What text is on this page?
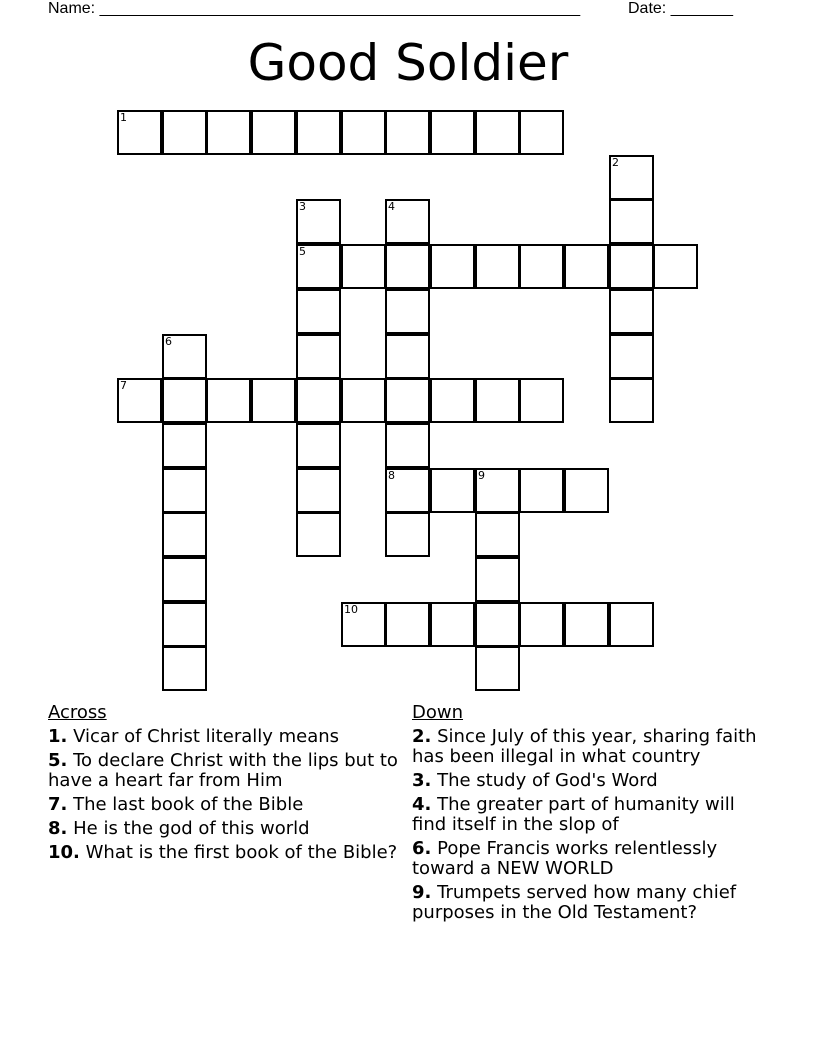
Name: ______________________________________________________	Date: _______
Good Soldier
1
2
3	4
5
6
7
8	9
10
Across
1. Vicar of Christ literally means
5. To declare Christ with the lips but to have a heart far from Him
7. The last book of the Bible
8. He is the god of this world
10. What is the first book of the Bible?
Down
2. Since July of this year, sharing faith has been illegal in what country
3. The study of God's Word
4. The greater part of humanity will find itself in the slop of
6. Pope Francis works relentlessly toward a NEW WORLD
9. Trumpets served how many chief purposes in the Old Testament?
